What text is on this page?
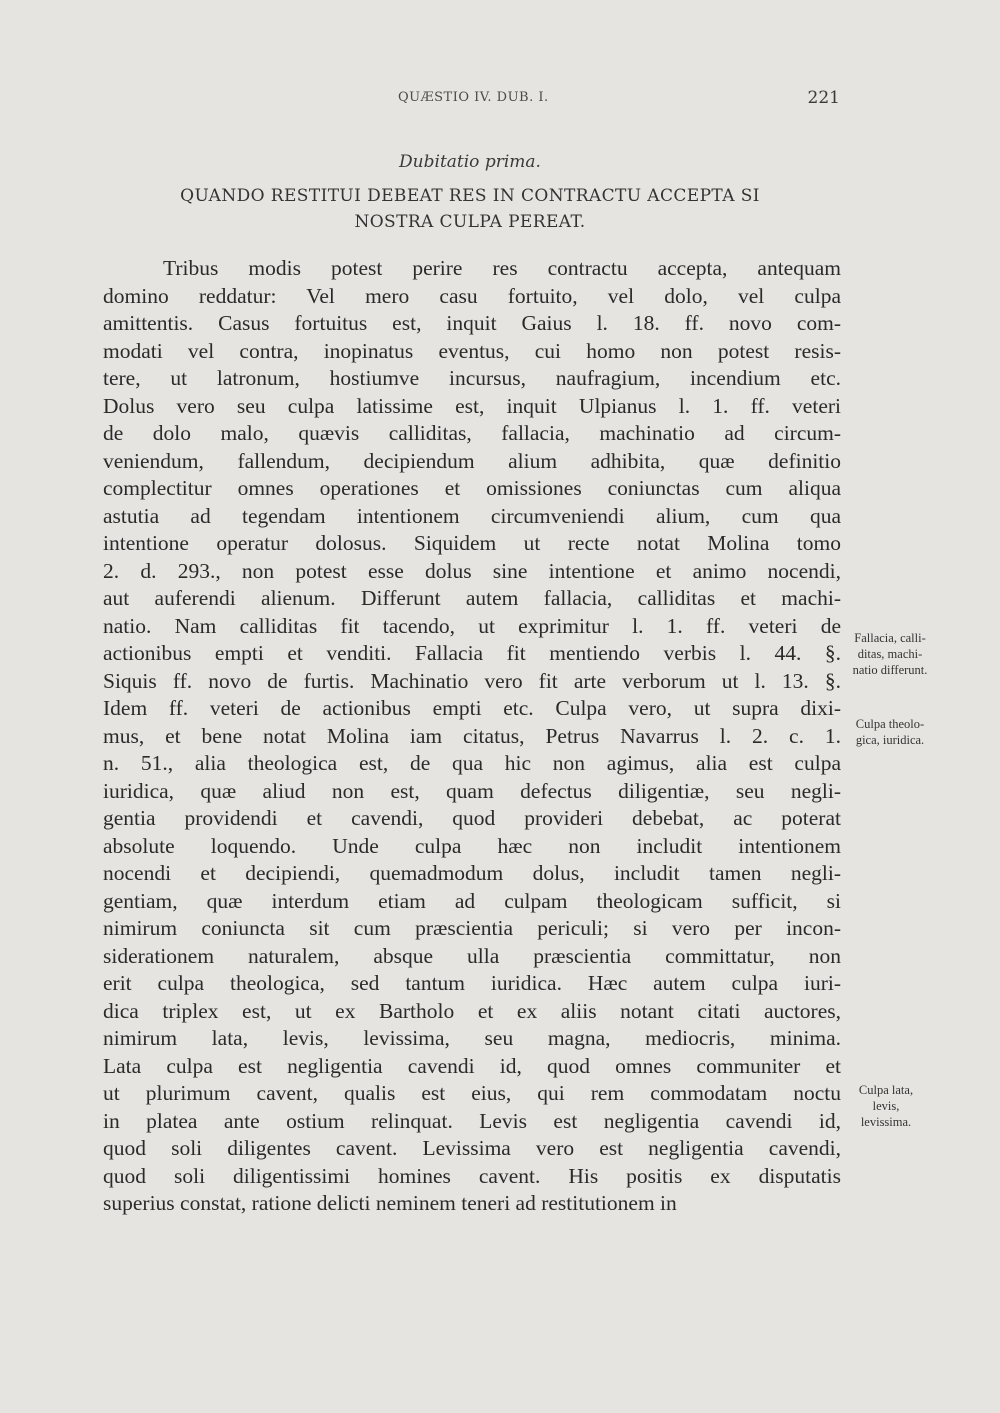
QUÆSTIO IV. DUB. I.	221
Dubitatio prima.
QUANDO RESTITUI DEBEAT RES IN CONTRACTU ACCEPTA SI
NOSTRA CULPA PEREAT.
Tribus modis potest perire res contractu accepta, antequam
domino reddatur: Vel mero casu fortuito, vel dolo, vel culpa
amittentis. Casus fortuitus est, inquit Gaius l. 18. ff. novo com-
modati vel contra, inopinatus eventus, cui homo non potest resis-
tere, ut latronum, hostiumve incursus, naufragium, incendium etc.
Dolus vero seu culpa latissime est, inquit Ulpianus l. 1. ff. veteri
de dolo malo, quævis calliditas, fallacia, machinatio ad circum-
veniendum, fallendum, decipiendum alium adhibita, quæ definitio
complectitur omnes operationes et omissiones coniunctas cum aliqua
astutia ad tegendam intentionem circumveniendi alium, cum qua
intentione operatur dolosus. Siquidem ut recte notat Molina tomo
2. d. 293., non potest esse dolus sine intentione et animo nocendi,
aut auferendi alienum. Differunt autem fallacia, calliditas et machi-
natio. Nam calliditas fit tacendo, ut exprimitur l. 1. ff. veteri de
actionibus empti et venditi. Fallacia fit mentiendo verbis l. 44. §.
Siquis ff. novo de furtis. Machinatio vero fit arte verborum ut l. 13. §.
Idem ff. veteri de actionibus empti etc. Culpa vero, ut supra dixi-
mus, et bene notat Molina iam citatus, Petrus Navarrus l. 2. c. 1.
n. 51., alia theologica est, de qua hic non agimus, alia est culpa
iuridica, quæ aliud non est, quam defectus diligentiæ, seu negli-
gentia providendi et cavendi, quod provideri debebat, ac poterat
absolute loquendo. Unde culpa hæc non includit intentionem
nocendi et decipiendi, quemadmodum dolus, includit tamen negli-
gentiam, quæ interdum etiam ad culpam theologicam sufficit, si
nimirum coniuncta sit cum præscientia periculi; si vero per incon-
siderationem naturalem, absque ulla præscientia committatur, non
erit culpa theologica, sed tantum iuridica. Hæc autem culpa iuri-
dica triplex est, ut ex Bartholo et ex aliis notant citati auctores,
nimirum lata, levis, levissima, seu magna, mediocris, minima.
Lata culpa est negligentia cavendi id, quod omnes communiter et
ut plurimum cavent, qualis est eius, qui rem commodatam noctu
in platea ante ostium relinquat. Levis est negligentia cavendi id,
quod soli diligentes cavent. Levissima vero est negligentia cavendi,
quod soli diligentissimi homines cavent. His positis ex disputatis
superius constat, ratione delicti neminem teneri ad restitutionem in
Fallacia, calli-
ditas, machi-
natio differunt.
Culpa theolo-
gica, iuridica.
Culpa lata,
levis,
levissima.
